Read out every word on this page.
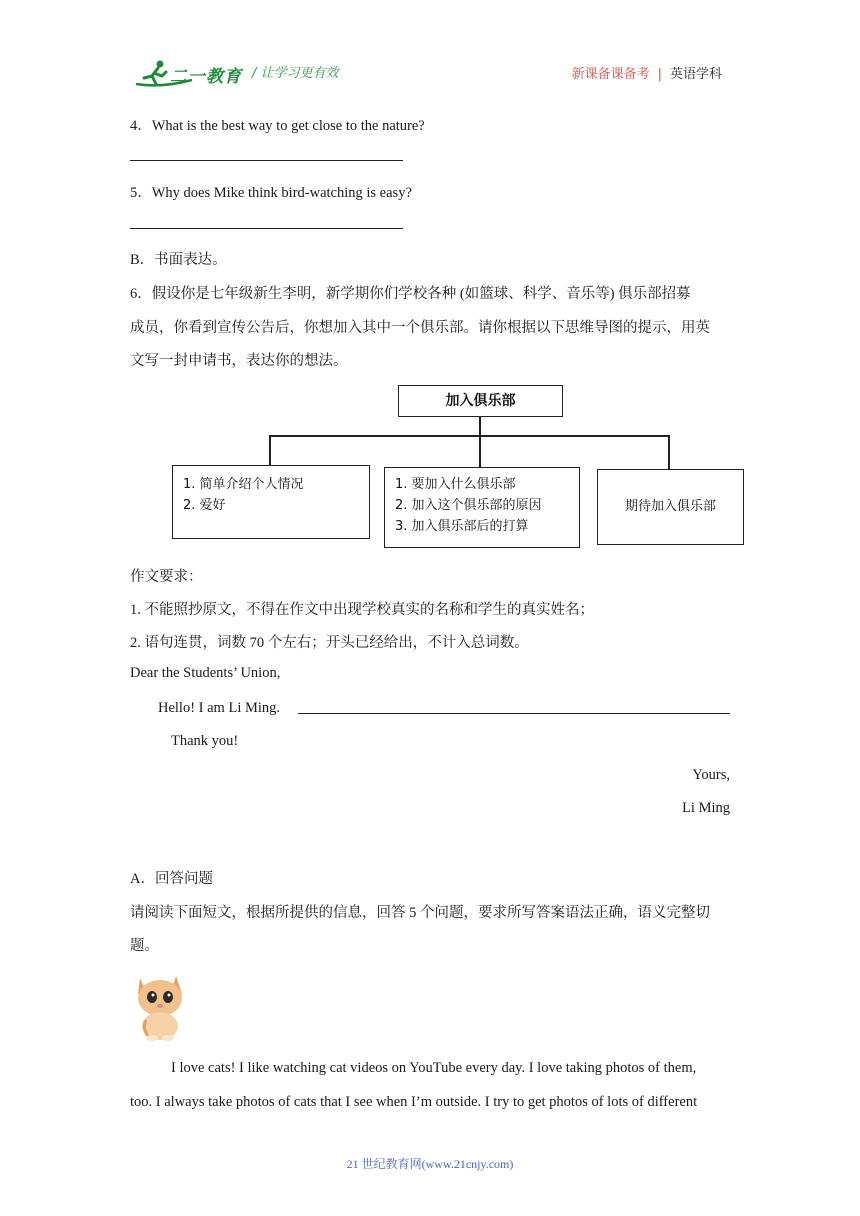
二一教育 / 让学习更有效	新课备课备考 | 英语学科
4．What is the best way to get close to the nature?
5．Why does Mike think bird-watching is easy?
B．书面表达。
6．假设你是七年级新生李明，新学期你们学校各种 (如篮球、科学、音乐等) 俱乐部招募
成员，你看到宣传公告后，你想加入其中一个俱乐部。请你根据以下思维导图的提示，用英
文写一封申请书，表达你的想法。
加入俱乐部
1. 简单介绍个人情况
2. 爱好
1. 要加入什么俱乐部
2. 加入这个俱乐部的原因
3. 加入俱乐部后的打算
期待加入俱乐部
作文要求：
1. 不能照抄原文，不得在作文中出现学校真实的名称和学生的真实姓名；
2. 语句连贯，词数 70 个左右；开头已经给出，不计入总词数。
Dear the Students’ Union,
Hello! I am Li Ming.
Thank you!
Yours,
Li Ming
A．回答问题
请阅读下面短文，根据所提供的信息，回答 5 个问题，要求所写答案语法正确，语义完整切
题。
I love cats! I like watching cat videos on YouTube every day. I love taking photos of them,
too. I always take photos of cats that I see when I’m outside. I try to get photos of lots of different
21 世纪教育网(www.21cnjy.com)
